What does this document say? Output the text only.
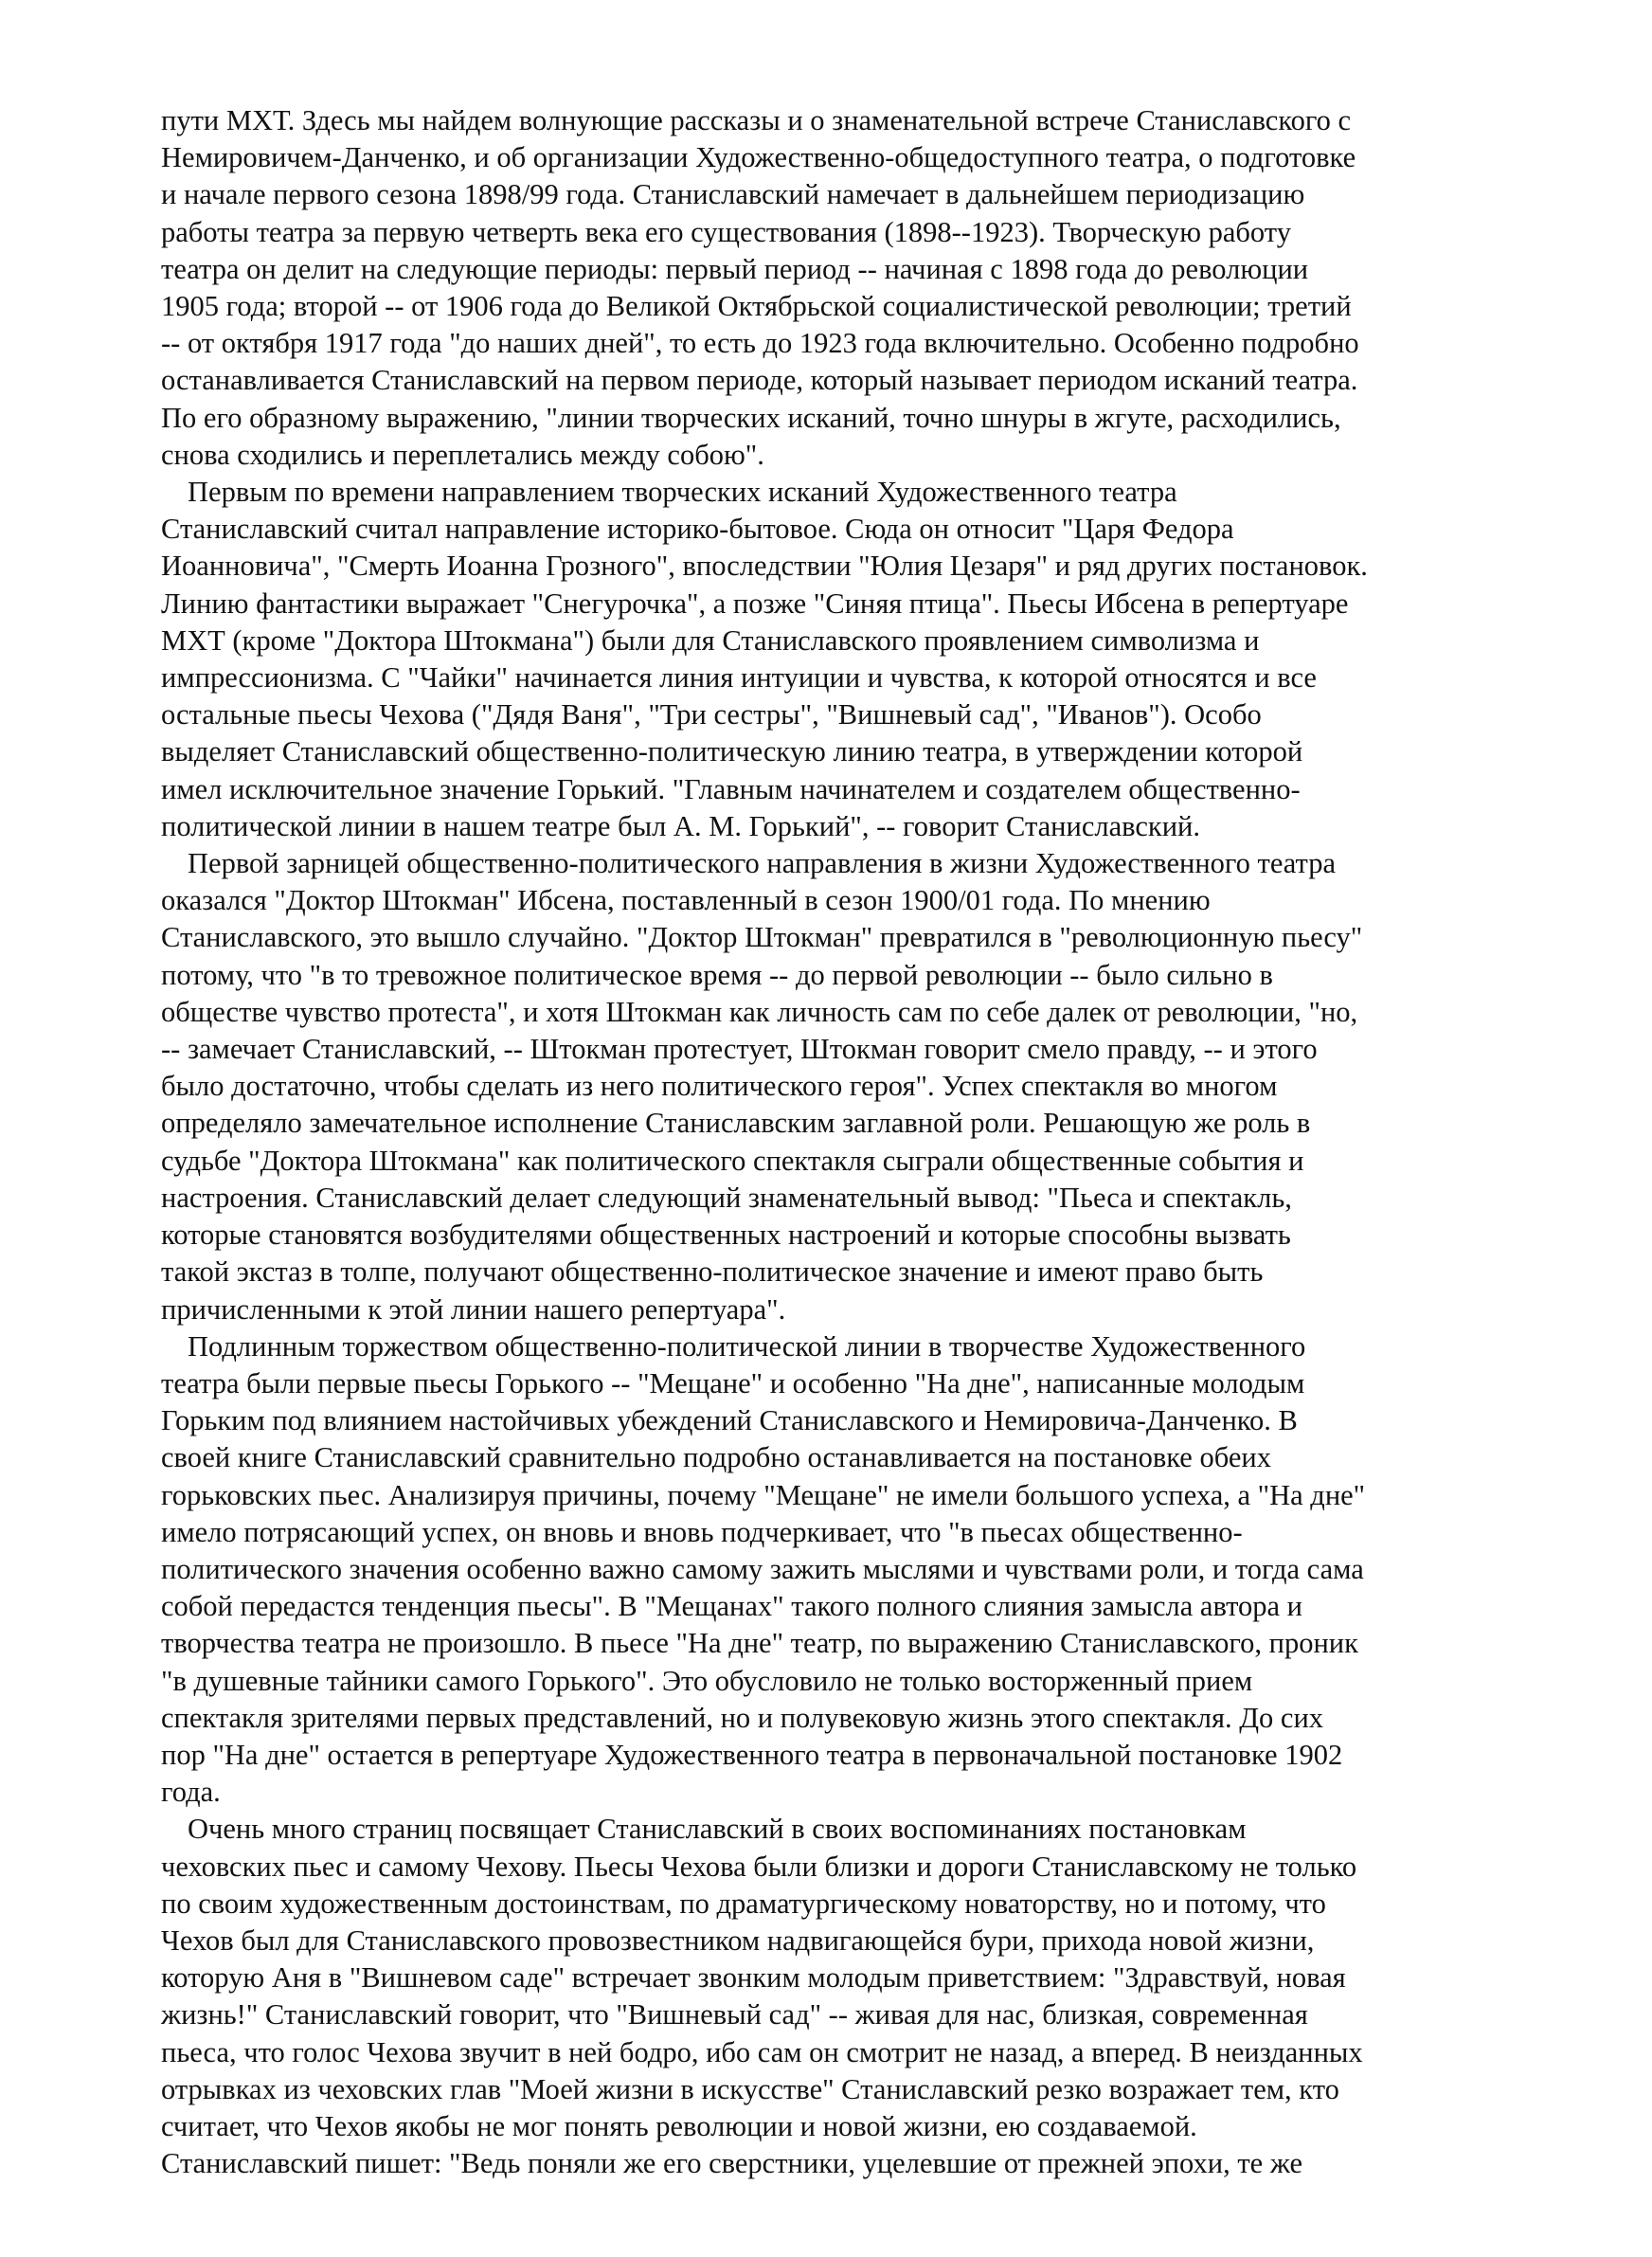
пути МХТ. Здесь мы найдем волнующие рассказы и о знаменательной встрече Станиславского с
Немировичем-Данченко, и об организации Художественно-общедоступного театра, о подготовке
и начале первого сезона 1898/99 года. Станиславский намечает в дальнейшем периодизацию
работы театра за первую четверть века его существования (1898--1923). Творческую работу
театра он делит на следующие периоды: первый период -- начиная с 1898 года до революции
1905 года; второй -- от 1906 года до Великой Октябрьской социалистической революции; третий
-- от октября 1917 года "до наших дней", то есть до 1923 года включительно. Особенно подробно
останавливается Станиславский на первом периоде, который называет периодом исканий театра.
По его образному выражению, "линии творческих исканий, точно шнуры в жгуте, расходились,
снова сходились и переплетались между собою".
Первым по времени направлением творческих исканий Художественного театра
Станиславский считал направление историко-бытовое. Сюда он относит "Царя Федора
Иоанновича", "Смерть Иоанна Грозного", впоследствии "Юлия Цезаря" и ряд других постановок.
Линию фантастики выражает "Снегурочка", а позже "Синяя птица". Пьесы Ибсена в репертуаре
МХТ (кроме "Доктора Штокмана") были для Станиславского проявлением символизма и
импрессионизма. С "Чайки" начинается линия интуиции и чувства, к которой относятся и все
остальные пьесы Чехова ("Дядя Ваня", "Три сестры", "Вишневый сад", "Иванов"). Особо
выделяет Станиславский общественно-политическую линию театра, в утверждении которой
имел исключительное значение Горький. "Главным начинателем и создателем общественно-
политической линии в нашем театре был А. М. Горький", -- говорит Станиславский.
Первой зарницей общественно-политического направления в жизни Художественного театра
оказался "Доктор Штокман" Ибсена, поставленный в сезон 1900/01 года. По мнению
Станиславского, это вышло случайно. "Доктор Штокман" превратился в "революционную пьесу"
потому, что "в то тревожное политическое время -- до первой революции -- было сильно в
обществе чувство протеста", и хотя Штокман как личность сам по себе далек от революции, "но,
-- замечает Станиславский, -- Штокман протестует, Штокман говорит смело правду, -- и этого
было достаточно, чтобы сделать из него политического героя". Успех спектакля во многом
определяло замечательное исполнение Станиславским заглавной роли. Решающую же роль в
судьбе "Доктора Штокмана" как политического спектакля сыграли общественные события и
настроения. Станиславский делает следующий знаменательный вывод: "Пьеса и спектакль,
которые становятся возбудителями общественных настроений и которые способны вызвать
такой экстаз в толпе, получают общественно-политическое значение и имеют право быть
причисленными к этой линии нашего репертуара".
Подлинным торжеством общественно-политической линии в творчестве Художественного
театра были первые пьесы Горького -- "Мещане" и особенно "На дне", написанные молодым
Горьким под влиянием настойчивых убеждений Станиславского и Немировича-Данченко. В
своей книге Станиславский сравнительно подробно останавливается на постановке обеих
горьковских пьес. Анализируя причины, почему "Мещане" не имели большого успеха, а "На дне"
имело потрясающий успех, он вновь и вновь подчеркивает, что "в пьесах общественно-
политического значения особенно важно самому зажить мыслями и чувствами роли, и тогда сама
собой передастся тенденция пьесы". В "Мещанах" такого полного слияния замысла автора и
творчества театра не произошло. В пьесе "На дне" театр, по выражению Станиславского, проник
"в душевные тайники самого Горького". Это обусловило не только восторженный прием
спектакля зрителями первых представлений, но и полувековую жизнь этого спектакля. До сих
пор "На дне" остается в репертуаре Художественного театра в первоначальной постановке 1902
года.
Очень много страниц посвящает Станиславский в своих воспоминаниях постановкам
чеховских пьес и самому Чехову. Пьесы Чехова были близки и дороги Станиславскому не только
по своим художественным достоинствам, по драматургическому новаторству, но и потому, что
Чехов был для Станиславского провозвестником надвигающейся бури, прихода новой жизни,
которую Аня в "Вишневом саде" встречает звонким молодым приветствием: "Здравствуй, новая
жизнь!" Станиславский говорит, что "Вишневый сад" -- живая для нас, близкая, современная
пьеса, что голос Чехова звучит в ней бодро, ибо сам он смотрит не назад, а вперед. В неизданных
отрывках из чеховских глав "Моей жизни в искусстве" Станиславский резко возражает тем, кто
считает, что Чехов якобы не мог понять революции и новой жизни, ею создаваемой.
Станиславский пишет: "Ведь поняли же его сверстники, уцелевшие от прежней эпохи, те же
